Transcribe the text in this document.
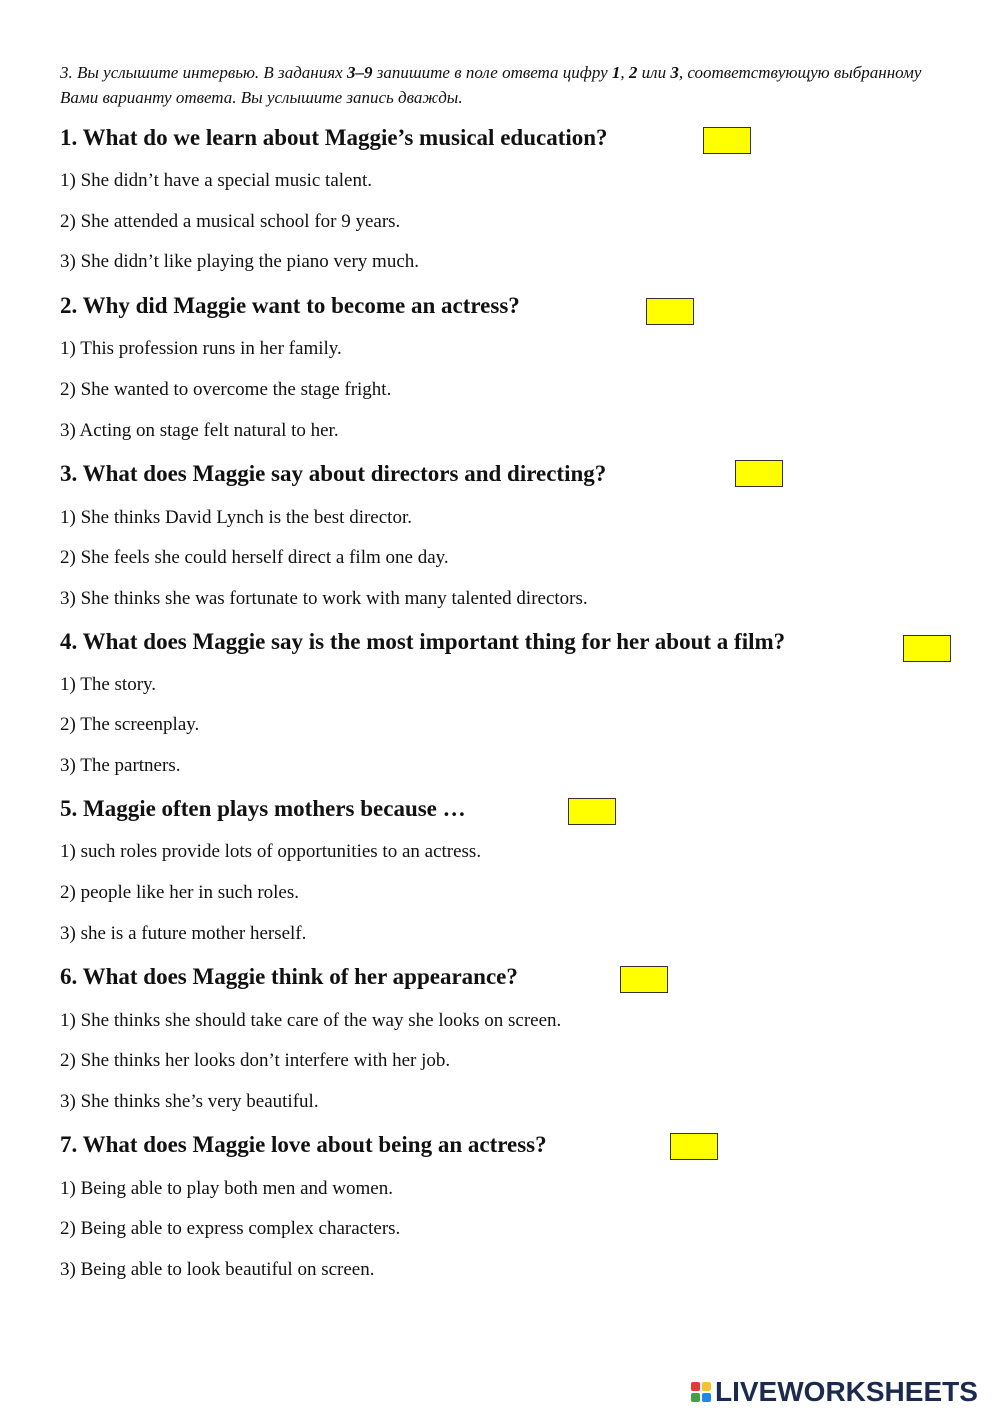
3. Вы услышите интервью. В заданиях 3–9 запишите в поле ответа цифру 1, 2 или 3, соответствующую выбранному Вами варианту ответа. Вы услышите запись дважды.

1. What do we learn about Maggie’s musical education?

1) She didn’t have a special music talent.

2) She attended a musical school for 9 years.

3) She didn’t like playing the piano very much.

2. Why did Maggie want to become an actress?

1) This profession runs in her family.

2) She wanted to overcome the stage fright.

3) Acting on stage felt natural to her.

3. What does Maggie say about directors and directing?

1) She thinks David Lynch is the best director.

2) She feels she could herself direct a film one day.

3) She thinks she was fortunate to work with many talented directors.

4. What does Maggie say is the most important thing for her about a film?

1) The story.

2) The screenplay.

3) The partners.

5. Maggie often plays mothers because …

1) such roles provide lots of opportunities to an actress.

2) people like her in such roles.

3) she is a future mother herself.

6. What does Maggie think of her appearance?

1) She thinks she should take care of the way she looks on screen.

2) She thinks her looks don’t interfere with her job.

3) She thinks she’s very beautiful.

7. What does Maggie love about being an actress?

1) Being able to play both men and women.

2) Being able to express complex characters.

3) Being able to look beautiful on screen.

LIVEWORKSHEETS
